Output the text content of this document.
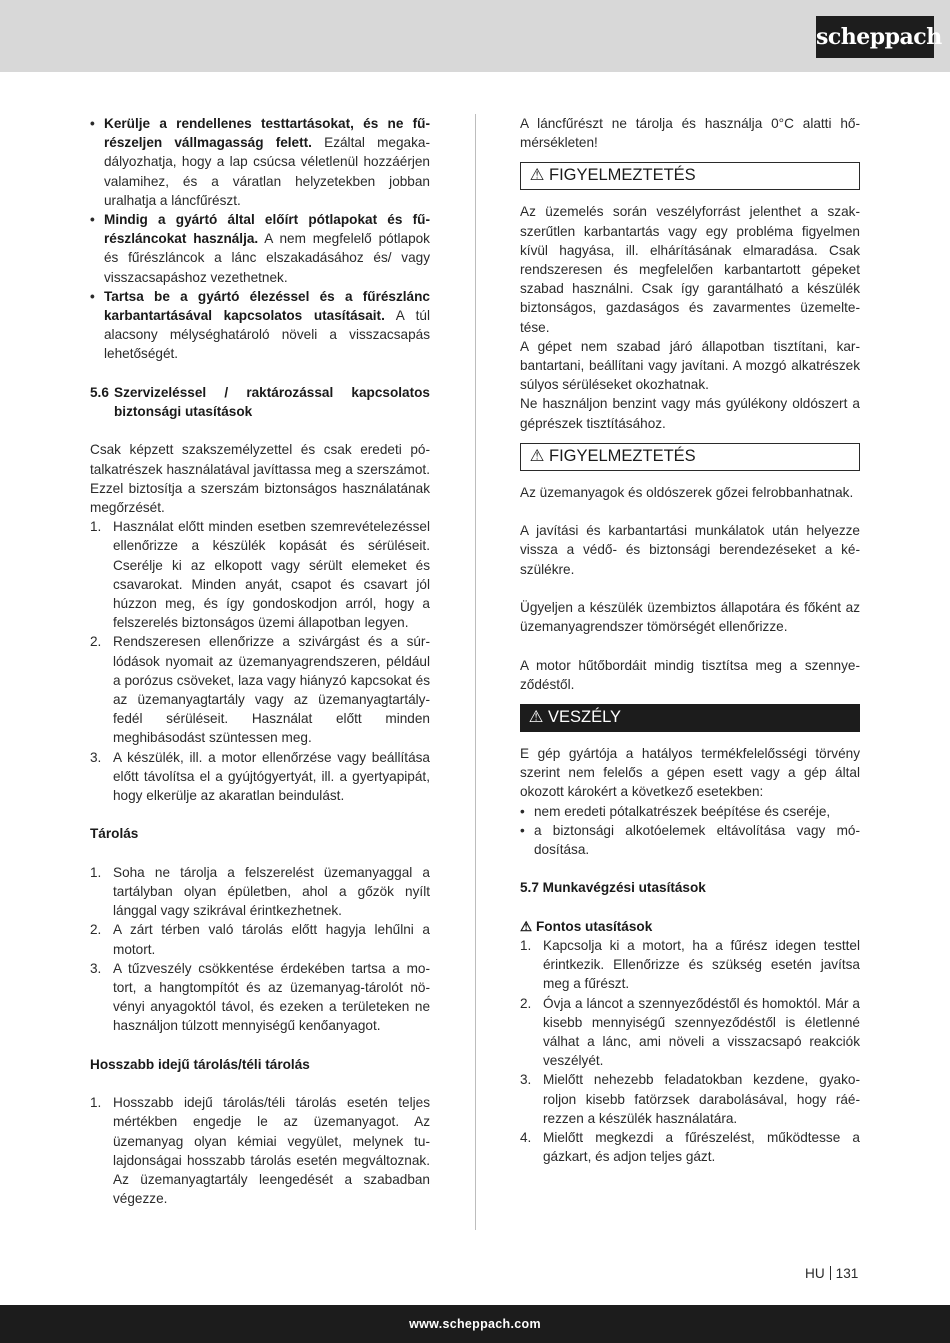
scheppach
• Kerülje a rendellenes testtartásokat, és ne fűrészeljen vállmagasság felett. Ezáltal megakadályozhatja, hogy a lap csúcsa véletlenül hozzáérjen valamihez, és a váratlan helyzetekben jobban uralhatja a láncfűrészt.
• Mindig a gyártó által előírt pótlapokat és fűrészláncokat használja. A nem megfelelő pótlapok és fűrészláncok a lánc elszakadásához és/ vagy visszacsapáshoz vezethetnek.
• Tartsa be a gyártó élezéssel és a fűrészlánc karbantartásával kapcsolatos utasításait. A túl alacsony mélységhatároló növeli a visszacsapás lehetőségét.
5.6 Szervizeléssel / raktározással kapcsolatos biztonsági utasítások

Csak képzett szakszemélyzettel és csak eredeti pótalkatrészek használatával javíttassa meg a szerszámot. Ezzel biztosítja a szerszám biztonságos használatának megőrzését.

1. Használat előtt minden esetben szemrevételezéssel ellenőrizze a készülék kopását és sérüléseit. Cserélje ki az elkopott vagy sérült elemeket és csavarokat. Minden anyát, csapot és csavart jól húzzon meg, és így gondoskodjon arról, hogy a felszerelés biztonságos üzemi állapotban legyen.
2. Rendszeresen ellenőrizze a szivárgást és a súrlódások nyomait az üzemanyagrendszeren, például a porózus csöveket, laza vagy hiányzó kapcsokat és az üzemanyagtartály vagy az üzemanyagtartály-fedél sérüléseit. Használat előtt minden meghibásodást szüntessen meg.
3. A készülék, ill. a motor ellenőrzése vagy beállítása előtt távolítsa el a gyújtógyertyát, ill. a gyertyapipát, hogy elkerülje az akaratlan beindulást.
Tárolás
1. Soha ne tárolja a felszerelést üzemanyaggal a tartályban olyan épületben, ahol a gőzök nyílt lánggal vagy szikrával érintkezhetnek.
2. A zárt térben való tárolás előtt hagyja lehűlni a motort.
3. A tűzveszély csökkentése érdekében tartsa a motort, a hangtompítót és az üzemanyag-tárolót növényi anyagoktól távol, és ezeken a területeken ne használjon túlzott mennyiségű kenőanyagot.
Hosszabb idejű tárolás/téli tárolás
1. Hosszabb idejű tárolás/téli tárolás esetén teljes mértékben engedje le az üzemanyagot. Az üzemanyag olyan kémiai vegyület, melynek tulajdonságai hosszabb tárolás esetén megváltoznak. Az üzemanyagtartály leengedését a szabadban végezze.

A láncfűrészt ne tárolja és használja 0°C alatti hőmérsékleten!

⚠ FIGYELMEZTETÉS

Az üzemelés során veszélyforrást jelenthet a szakszerűtlen karbantartás vagy egy probléma figyelmen kívül hagyása, ill. elhárításának elmaradása. Csak rendszeresen és megfelelően karbantartott gépeket szabad használni. Csak így garantálható a készülék biztonságos, gazdaságos és zavarmentes üzemeltetése.

A gépet nem szabad járó állapotban tisztítani, karbantartani, beállítani vagy javítani. A mozgó alkatrészek súlyos sérüléseket okozhatnak.

Ne használjon benzint vagy más gyúlékony oldószert a géprészek tisztításához.

⚠ FIGYELMEZTETÉS

Az üzemanyagok és oldószerek gőzei felrobbanhatnak.

A javítási és karbantartási munkálatok után helyezze vissza a védő- és biztonsági berendezéseket a készülékre.

Ügyeljen a készülék üzembiztos állapotára és főként az üzemanyagrendszer tömörségét ellenőrizze.

A motor hűtőbordáit mindig tisztítsa meg a szennyeződéstől.

⚠ VESZÉLY

E gép gyártója a hatályos termékfelelősségi törvény szerint nem felelős a gépen esett vagy a gép által okozott károkért a következő esetekben:

• nem eredeti pótalkatrészek beépítése és cseréje,
• a biztonsági alkotóelemek eltávolítása vagy módosítása.
5.7 Munkavégzési utasítások
⚠ Fontos utasítások
1. Kapcsolja ki a motort, ha a fűrész idegen testtel érintkezik. Ellenőrizze és szükség esetén javítsa meg a fűrészt.
2. Óvja a láncot a szennyeződéstől és homoktól. Már a kisebb mennyiségű szennyeződéstől is életlenné válhat a lánc, ami növeli a visszacsapó reakciók veszélyét.
3. Mielőtt nehezebb feladatokban kezdene, gyakoroljon kisebb fatörzsek darabolásával, hogy ráérezzen a készülék használatára.
4. Mielőtt megkezdi a fűrészelést, működtesse a gázkart, és adjon teljes gázt.
HU 131
www.scheppach.com
